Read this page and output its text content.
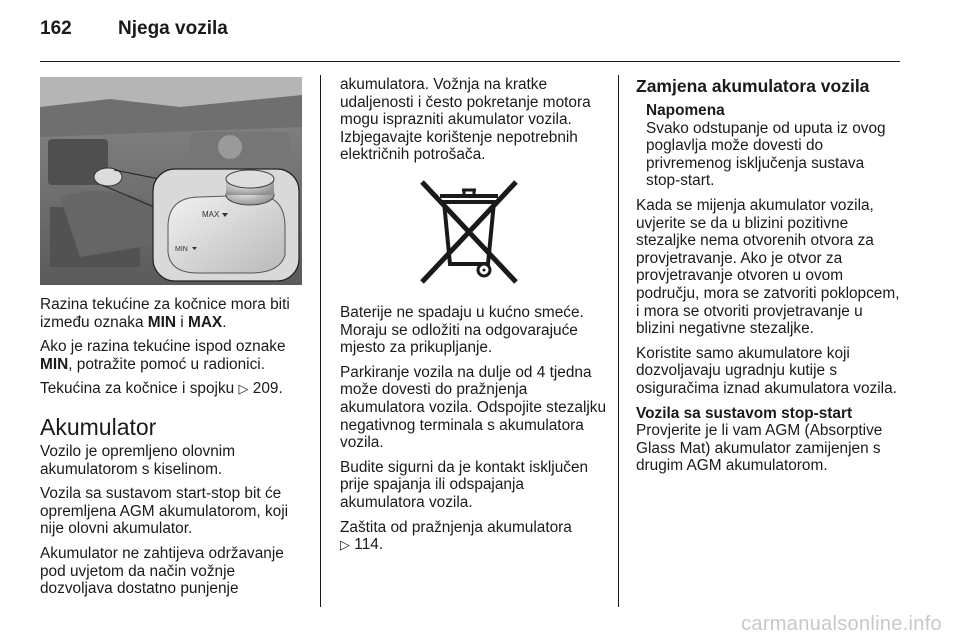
162 Njega vozila
MAX
MIN

Razina tekućine za kočnice mora biti između oznaka MIN i MAX.

Ako je razina tekućine ispod oznake MIN, potražite pomoć u radionici.

Tekućina za kočnice i spojku ▷ 209.

Akumulator

Vozilo je opremljeno olovnim akumulatorom s kiselinom.

Vozila sa sustavom start-stop bit će opremljena AGM akumulatorom, koji nije olovni akumulator.

Akumulator ne zahtijeva održavanje pod uvjetom da način vožnje dozvoljava dostatno punjenje

akumulatora. Vožnja na kratke udaljenosti i često pokretanje motora mogu isprazniti akumulator vozila. Izbjegavajte korištenje nepotrebnih električnih potrošača.

Baterije ne spadaju u kućno smeće. Moraju se odložiti na odgovarajuće mjesto za prikupljanje.

Parkiranje vozila na dulje od 4 tjedna može dovesti do pražnjenja akumulatora vozila. Odspojite stezaljku negativnog terminala s akumulatora vozila.

Budite sigurni da je kontakt isključen prije spajanja ili odspajanja akumulatora vozila.

Zaštita od pražnjenja akumulatora
▷ 114.

Zamjena akumulatora vozila
Napomena
Svako odstupanje od uputa iz ovog poglavlja može dovesti do privremenog isključenja sustava stop-start.

Kada se mijenja akumulator vozila, uvjerite se da u blizini pozitivne stezaljke nema otvorenih otvora za provjetravanje. Ako je otvor za provjetravanje otvoren u ovom području, mora se zatvoriti poklopcem, i mora se otvoriti provjetravanje u blizini negativne stezaljke.

Koristite samo akumulatore koji dozvoljavaju ugradnju kutije s osiguračima iznad akumulatora vozila.

Vozila sa sustavom stop-start

Provjerite je li vam AGM (Absorptive Glass Mat) akumulator zamijenjen s drugim AGM akumulatorom.

carmanualsonline.info
